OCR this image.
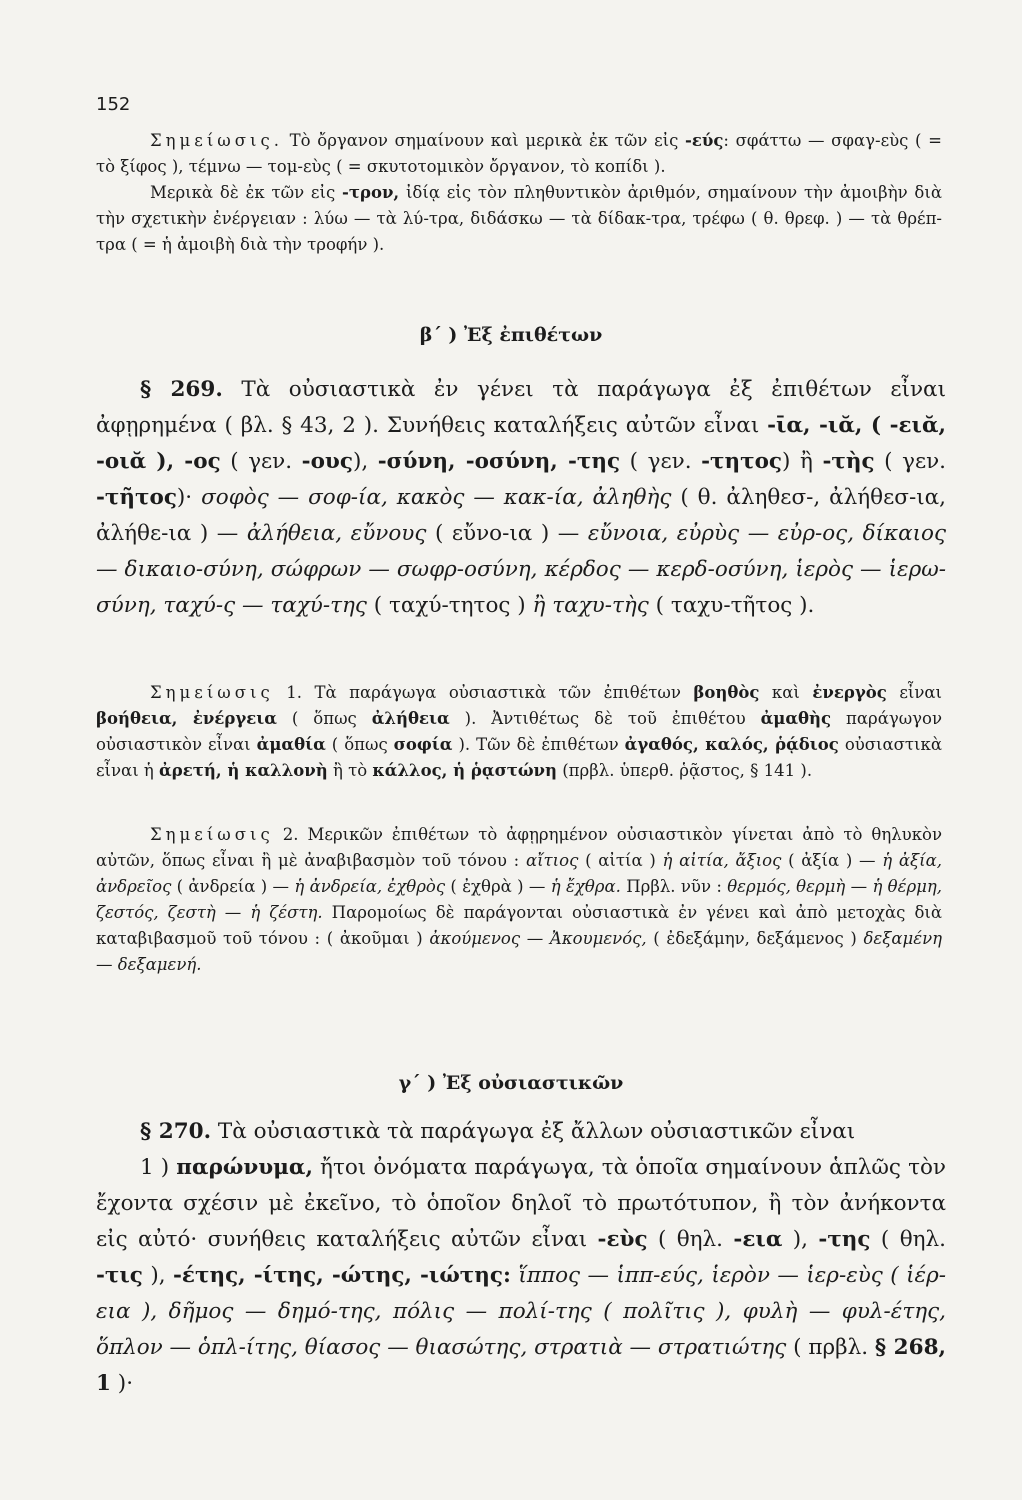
152
Σημείωσις. Τὸ ὄργανον σημαίνουν καὶ μερικὰ ἐκ τῶν εἰς -εύς: σφάττω — σφαγ-εὺς ( = τὸ ξίφος ), τέμνω — τομ-εὺς ( = σκυτοτομικὸν ὄργανον, τὸ κοπίδι ).
Μερικὰ δὲ ἐκ τῶν εἰς -τρον, ἰδίᾳ εἰς τὸν πληθυντικὸν ἀριθμόν, σημαίνουν τὴν ἀμοιβὴν διὰ τὴν σχετικὴν ἐνέργειαν : λύω — τὰ λύ-τρα, διδάσκω — τὰ δίδακ-τρα, τρέφω ( θ. θρεφ. ) — τὰ θρέπ-τρα ( = ἡ ἀμοιβὴ διὰ τὴν τροφήν ).
β΄ ) Ἐξ ἐπιθέτων
§ 269. Τὰ οὐσιαστικὰ ἐν γένει τὰ παράγωγα ἐξ ἐπιθέτων εἶναι ἀφῃρημένα ( βλ. § 43, 2 ). Συνήθεις καταλήξεις αὐτῶν εἶναι -ῑα, -ιᾰ, ( -ειᾰ, -οιᾰ ), -ος ( γεν. -ους), -σύνη, -οσύνη, -της ( γεν. -τητος) ἢ -τὴς ( γεν. -τῆτος)· σοφὸς — σοφ-ία, κακὸς — κακ-ία, ἀληθὴς ( θ. ἀληθεσ-, ἀλήθεσ-ια, ἀλήθε-ια ) — ἀλήθεια, εὔνους ( εὔνο-ια ) — εὔνοια, εὐρὺς — εὐρ-ος, δίκαιος — δικαιο-σύνη, σώφρων — σωφρ-οσύνη, κέρδος — κερδ-οσύνη, ἱερὸς — ἱερω-σύνη, ταχύ-ς — ταχύ-της ( ταχύ-τητος ) ἢ ταχυ-τὴς ( ταχυ-τῆτος ).
Σημείωσις 1. Τὰ παράγωγα οὐσιαστικὰ τῶν ἐπιθέτων βοηθὸς καὶ ἐνεργὸς εἶναι βοήθεια, ἐνέργεια ( ὅπως ἀλήθεια ). Ἀντιθέτως δὲ τοῦ ἐπιθέτου ἀμαθὴς παράγωγον οὐσιαστικὸν εἶναι ἀμαθία ( ὅπως σοφία ). Τῶν δὲ ἐπιθέτων ἀγαθός, καλός, ῥᾴδιος οὐσιαστικὰ εἶναι ἡ ἀρετή, ἡ καλλονὴ ἢ τὸ κάλλος, ἡ ῥᾳστώνη (πρβλ. ὑπερθ. ῥᾷστος, § 141 ).
Σημείωσις 2. Μερικῶν ἐπιθέτων τὸ ἀφῃρημένον οὐσιαστικὸν γίνεται ἀπὸ τὸ θηλυκὸν αὐτῶν, ὅπως εἶναι ἢ μὲ ἀναβιβασμὸν τοῦ τόνου : αἴτιος ( αἰτία ) ἡ αἰτία, ἄξιος ( ἀξία ) — ἡ ἀξία, ἀνδρεῖος ( ἀνδρεία ) — ἡ ἀνδρεία, ἐχθρὸς ( ἐχθρὰ ) — ἡ ἔχθρα. Πρβλ. νῦν : θερμός, θερμὴ — ἡ θέρμη, ζεστός, ζεστὴ — ἡ ζέστη. Παρομοίως δὲ παράγονται οὐσιαστικὰ ἐν γένει καὶ ἀπὸ μετοχὰς διὰ καταβιβασμοῦ τοῦ τόνου : ( ἀκοῦμαι ) ἀκούμενος — Ἀκουμενός, ( ἐδεξάμην, δεξάμενος ) δεξαμένη — δεξαμενή.
γ΄ ) Ἐξ οὐσιαστικῶν
§ 270. Τὰ οὐσιαστικὰ τὰ παράγωγα ἐξ ἄλλων οὐσιαστικῶν εἶναι
1 ) παρώνυμα, ἤτοι ὀνόματα παράγωγα, τὰ ὁποῖα σημαίνουν ἁπλῶς τὸν ἔχοντα σχέσιν μὲ ἐκεῖνο, τὸ ὁποῖον δηλοῖ τὸ πρωτότυπον, ἢ τὸν ἀνήκοντα εἰς αὐτό· συνήθεις καταλήξεις αὐτῶν εἶναι -εὺς ( θηλ. -εια ), -της ( θηλ. -τις ), -έτης, -ίτης, -ώτης, -ιώτης: ἵππος — ἱππ-εύς, ἱερὸν — ἱερ-εὺς ( ἱέρ-εια ), δῆμος — δημό-της, πόλις — πολί-της ( πολῖτις ), φυλὴ — φυλ-έτης, ὅπλον — ὁπλ-ίτης, θίασος — θιασώτης, στρατιὰ — στρατιώτης ( πρβλ. § 268, 1 )·
